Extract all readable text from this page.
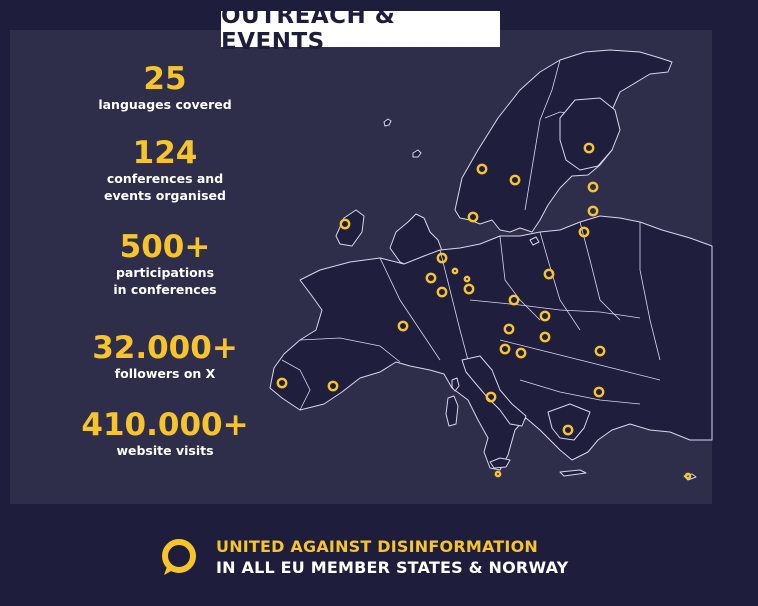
OUTREACH & EVENTS
25
languages covered
124
conferences and
events organised
500+
participations
in conferences
32.000+
followers on X
410.000+
website visits
UNITED AGAINST DISINFORMATION
IN ALL EU MEMBER STATES & NORWAY
